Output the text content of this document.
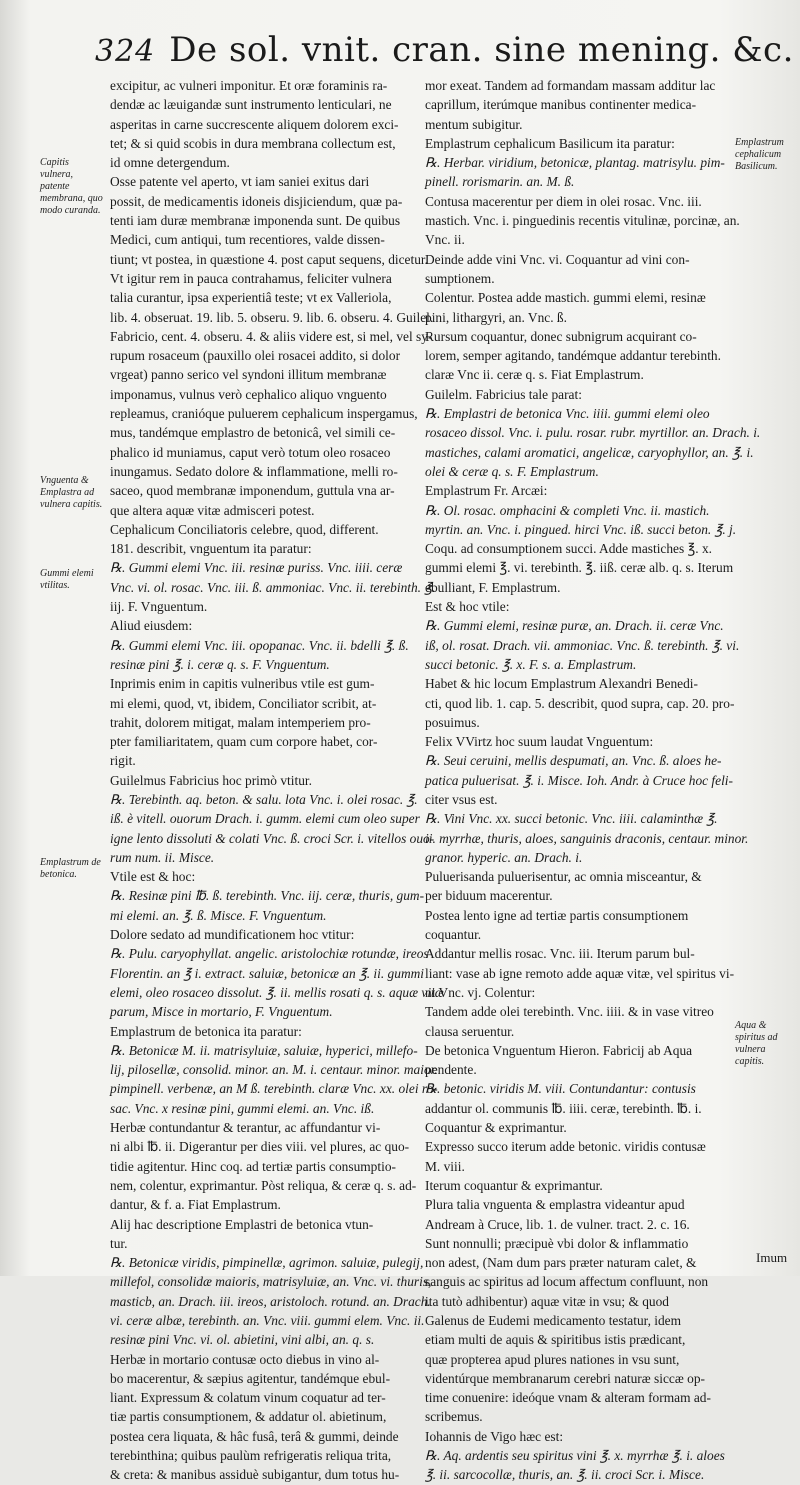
324 De sol. vnit. cran. sine mening. &c.
excipitur, ac vulneri imponitur. Et oræ foraminis ra-
dendæ ac læuigandæ sunt instrumento lenticulari, ne
asperitas in carne succrescente aliquem dolorem exci-
tet; & si quid scobis in dura membrana collectum est,
id omne detergendum.
Osse patente vel aperto, vt iam saniei exitus dari
possit, de medicamentis idoneis disjiciendum, quæ pa-
tenti iam duræ membranæ imponenda sunt. De quibus
Medici, cum antiqui, tum recentiores, valde dissen-
tiunt; vt postea, in quæstione 4. post caput sequens, dicetur.
Vt igitur rem in pauca contrahamus, feliciter vulnera
talia curantur, ipsa experientiâ teste; vt ex Valleriola,
lib. 4. obseruat. 19. lib. 5. obseru. 9. lib. 6. obseru. 4. Guilel.
Fabricio, cent. 4. obseru. 4. & aliis videre est, si mel, vel sy-
rupum rosaceum (pauxillo olei rosacei addito, si dolor
vrgeat) panno serico vel syndoni illitum membranæ
imponamus, vulnus verò cephalico aliquo vnguento
repleamus, cranióque puluerem cephalicum inspergamus,
mus, tandémque emplastro de betonicâ, vel simili ce-
phalico id muniamus, caput verò totum oleo rosaceo
inungamus. Sedato dolore & inflammatione, melli ro-
saceo, quod membranæ imponendum, guttula vna ar-
que altera aquæ vitæ admisceri potest.
Cephalicum Conciliatoris celebre, quod, different.
181. describit, vnguentum ita paratur:
℞. Gummi elemi Vnc. iii. resinæ puriss. Vnc. iiii. ceræ
Vnc. vi. ol. rosac. Vnc. iii. ß. ammoniac. Vnc. ii. terebinth. ℥.
iij. F. Vnguentum.
Aliud eiusdem:
℞. Gummi elemi Vnc. iii. opopanac. Vnc. ii. bdelli ℥. ß.
resinæ pini ℥. i. ceræ q. s. F. Vnguentum.
Inprimis enim in capitis vulneribus vtile est gum-
mi elemi, quod, vt, ibidem, Conciliator scribit, at-
trahit, dolorem mitigat, malam intemperiem pro-
pter familiaritatem, quam cum corpore habet, cor-
rigit.
Guilelmus Fabricius hoc primò vtitur.
℞. Terebinth. aq. beton. & salu. lota Vnc. i. olei rosac. ℥.
iß. è vitell. ouorum Drach. i. gumm. elemi cum oleo super
igne lento dissoluti & colati Vnc. ß. croci Scr. i. vitellos ouo-
rum num. ii. Misce.
Vtile est & hoc:
℞. Resinæ pini ℔. ß. terebinth. Vnc. iij. ceræ, thuris, gum-
mi elemi. an. ℥. ß. Misce. F. Vnguentum.
Dolore sedato ad mundificationem hoc vtitur:
℞. Pulu. caryophyllat. angelic. aristolochiæ rotundæ, ireos
Florentin. an ℥ i. extract. saluiæ, betonicæ an ℥. ii. gummi
elemi, oleo rosaceo dissolut. ℥. ii. mellis rosati q. s. aquæ vitæ
parum, Misce in mortario, F. Vnguentum.
Emplastrum de betonica ita paratur:
℞. Betonicæ M. ii. matrisyluiæ, saluiæ, hyperici, millefo-
lij, pilosellæ, consolid. minor. an. M. i. centaur. minor. maior.
pimpinell. verbenæ, an M ß. terebinth. claræ Vnc. xx. olei ro-
sac. Vnc. x resinæ pini, gummi elemi. an. Vnc. iß.
Herbæ contundantur & terantur, ac affundantur vi-
ni albi ℔. ii. Digerantur per dies viii. vel plures, ac quo-
tidie agitentur. Hinc coq. ad tertiæ partis consumptio-
nem, colentur, exprimantur. Pòst reliqua, & ceræ q. s. ad-
dantur, & f. a. Fiat Emplastrum.
Alij hac descriptione Emplastri de betonica vtun-
tur.
℞. Betonicæ viridis, pimpinellæ, agrimon. saluiæ, pulegij,
millefol, consolidæ maioris, matrisyluiæ, an. Vnc. vi. thuris,
masticb, an. Drach. iii. ireos, aristoloch. rotund. an. Drach.
vi. ceræ albæ, terebinth. an. Vnc. viii. gummi elem. Vnc. ii.
resinæ pini Vnc. vi. ol. abietini, vini albi, an. q. s.
Herbæ in mortario contusæ octo diebus in vino al-
bo macerentur, & sæpius agitentur, tandémque ebul-
liant. Expressum & colatum vinum coquatur ad ter-
tiæ partis consumptionem, & addatur ol. abietinum,
postea cera liquata, & hâc fusâ, terâ & gummi, deinde
terebinthina; quibus paulùm refrigeratis reliqua trita,
& creta: & manibus assiduè subigantur, dum totus hu-
mor exeat. Tandem ad formandam massam additur lac
caprillum, iterúmque manibus continenter medica-
mentum subigitur.
Emplastrum cephalicum Basilicum ita paratur:
℞. Herbar. viridium, betonicæ, plantag. matrisylu. pim-
pinell. rorismarin. an. M. ß.
Contusa macerentur per diem in olei rosac. Vnc. iii.
mastich. Vnc. i. pinguedinis recentis vitulinæ, porcinæ, an.
Vnc. ii.
Deinde adde vini Vnc. vi. Coquantur ad vini con-
sumptionem.
Colentur. Postea adde mastich. gummi elemi, resinæ
pini, lithargyri, an. Vnc. ß.
Rursum coquantur, donec subnigrum acquirant co-
lorem, semper agitando, tandémque addantur terebinth.
claræ Vnc ii. ceræ q. s. Fiat Emplastrum.
Guilelm. Fabricius tale parat:
℞. Emplastri de betonica Vnc. iiii. gummi elemi oleo
rosaceo dissol. Vnc. i. pulu. rosar. rubr. myrtillor. an. Drach. i.
mastiches, calami aromatici, angelicæ, caryophyllor, an. ℥. i.
olei & ceræ q. s. F. Emplastrum.
Emplastrum Fr. Arcæi:
℞. Ol. rosac. omphacini & completi Vnc. ii. mastich.
myrtin. an. Vnc. i. pingued. hirci Vnc. iß. succi beton. ℥. j.
Coqu. ad consumptionem succi. Adde mastiches ℥. x.
gummi elemi ℥. vi. terebinth. ℥. iiß. ceræ alb. q. s. Iterum
ebulliant, F. Emplastrum.
Est & hoc vtile:
℞. Gummi elemi, resinæ puræ, an. Drach. ii. ceræ Vnc.
iß, ol. rosat. Drach. vii. ammoniac. Vnc. ß. terebinth. ℥. vi.
succi betonic. ℥. x. F. s. a. Emplastrum.
Habet & hic locum Emplastrum Alexandri Benedi-
cti, quod lib. 1. cap. 5. describit, quod supra, cap. 20. pro-
posuimus.
Felix VVirtz hoc suum laudat Vnguentum:
℞. Seui ceruini, mellis despumati, an. Vnc. ß. aloes he-
patica puluerisat. ℥. i. Misce. Ioh. Andr. à Cruce hoc feli-
citer vsus est.
℞. Vini Vnc. xx. succi betonic. Vnc. iiii. calaminthæ ℥.
ii. myrrhæ, thuris, aloes, sanguinis draconis, centaur. minor.
granor. hyperic. an. Drach. i.
Puluerisanda puluerisentur, ac omnia misceantur, &
per biduum macerentur.
Postea lento igne ad tertiæ partis consumptionem
coquantur.
Addantur mellis rosac. Vnc. iii. Iterum parum bul-
liant: vase ab igne remoto adde aquæ vitæ, vel spiritus vi-
ni Vnc. vj. Colentur:
Tandem adde olei terebinth. Vnc. iiii. & in vase vitreo
clausa seruentur.
De betonica Vnguentum Hieron. Fabricij ab Aqua
pendente.
℞. betonic. viridis M. viii. Contundantur: contusis
addantur ol. communis ℔. iiii. ceræ, terebinth. ℔. i.
Coquantur & exprimantur.
Expresso succo iterum adde betonic. viridis contusæ
M. viii.
Iterum coquantur & exprimantur.
Plura talia vnguenta & emplastra videantur apud
Andream à Cruce, lib. 1. de vulner. tract. 2. c. 16.
Sunt nonnulli; præcipuè vbi dolor & inflammatio
non adest, (Nam dum pars præter naturam calet, &
sanguis ac spiritus ad locum affectum confluunt, non
ita tutò adhibentur) aquæ vitæ in vsu; & quod
Galenus de Eudemi medicamento testatur, idem
etiam multi de aquis & spiritibus istis prædicant,
quæ propterea apud plures nationes in vsu sunt,
videntúrque membranarum cerebri naturæ siccæ op-
time conuenire: ideóque vnam & alteram formam ad-
scribemus.
Iohannis de Vigo hæc est:
℞. Aq. ardentis seu spiritus vini ℥. x. myrrhæ ℥. i. aloes
℥. ii. sarcocollæ, thuris, an. ℥. ii. croci Scr. i. Misce.
Capitis vulnera, patente membrana, quo modo curanda.
Vnguenta & Emplastra ad vulnera capitis.
Gummi elemi vtilitas.
Emplastrum de betonica.
Emplastrum cephalicum Basilicum.
Aqua & spiritus ad vulnera capitis.
Imum
